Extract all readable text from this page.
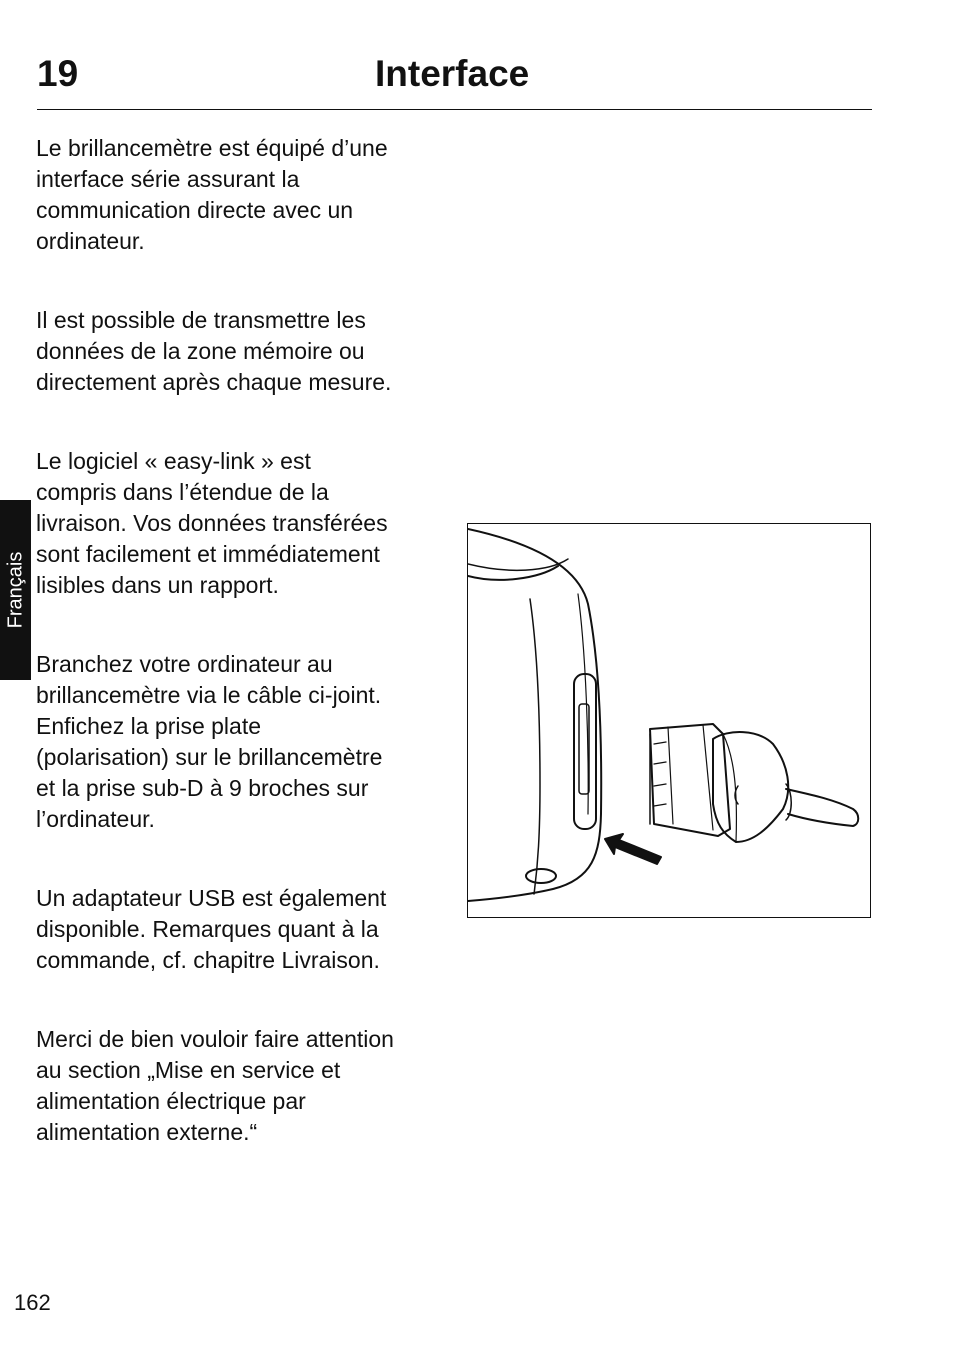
19	Interface

Le brillancemètre est équipé d’une
interface série assurant la
communication directe avec un
ordinateur.

Il est possible de transmettre les
données de la zone mémoire ou
directement après chaque mesure.

Le logiciel « easy-link » est
compris dans l’étendue de la
livraison. Vos données transférées
sont facilement et immédiatement
lisibles dans un rapport.

Branchez votre ordinateur au
brillancemètre via le câble ci-joint.
Enfichez la prise plate
(polarisation) sur le brillancemètre
et la prise sub-D à 9 broches sur
l’ordinateur.

Un adaptateur USB est également
disponible. Remarques quant à la
commande, cf. chapitre Livraison.

Merci de bien vouloir faire attention
au section „Mise en service et
alimentation électrique par
alimentation externe.“

Français
162
